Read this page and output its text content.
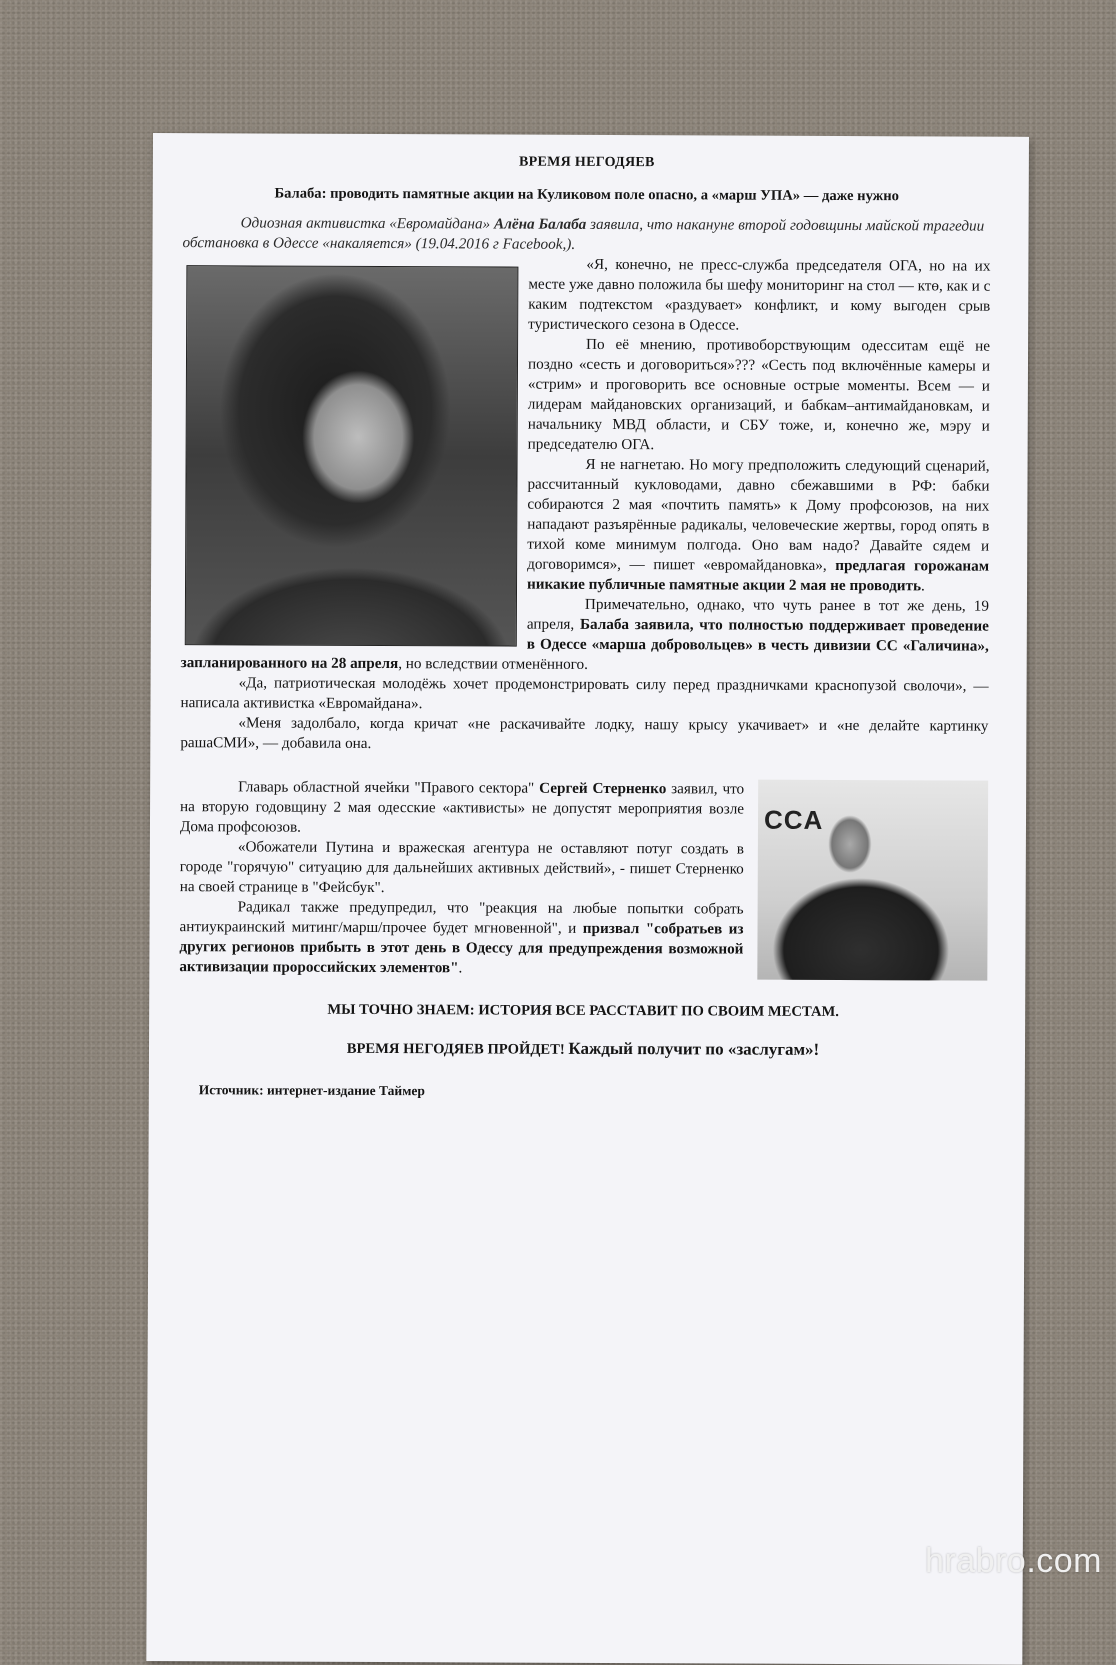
ВРЕМЯ НЕГОДЯЕВ
Балаба: проводить памятные акции на Куликовом поле опасно, а «марш УПА» — даже нужно

Одиозная активистка «Евромайдана» Алёна Балаба заявила, что накануне второй годовщины майской трагедии обстановка в Одессе «накаляется» (19.04.2016 г Facebook,).

«Я, конечно, не пресс-служба председателя ОГА, но на их месте уже давно положила бы шефу мониторинг на стол — ктө, как и с каким подтекстом «раздувает» конфликт, и кому выгоден срыв туристического сезона в Одессе.

По её мнению, противоборствующим одесситам ещё не поздно «сесть и договориться»??? «Сесть под включённые камеры и «стрим» и проговорить все основные острые моменты. Всем — и лидерам майдановских организаций, и бабкам–антимайдановкам, и начальнику МВД области, и СБУ тоже, и, конечно же, мэру и председателю ОГА.

Я не нагнетаю. Но могу предположить следующий сценарий, рассчитанный кукловодами, давно сбежавшими в РФ: бабки собираются 2 мая «почтить память» к Дому профсоюзов, на них нападают разъярённые радикалы, человеческие жертвы, город опять в тихой коме минимум полгода. Оно вам надо? Давайте сядем и договоримся», — пишет «евромайдановка», предлагая горожанам никакие публичные памятные акции 2 мая не проводить.

Примечательно, однако, что чуть ранее в тот же день, 19 апреля, Балаба заявила, что полностью поддерживает проведение в Одессе «марша добровольцев» в честь дивизии СС «Галичина», запланированного на 28 апреля, но вследствии отменённого.

«Да, патриотическая молодёжь хочет продемонстрировать силу перед праздничками краснопузой сволочи», — написала активистка «Евромайдана».

«Меня задолбало, когда кричат «не раскачивайте лодку, нашу крысу укачивает» и «не делайте картинку рашаСМИ», — добавила она.

CCA

Главарь областной ячейки "Правого сектора" Сергей Стерненко заявил, что на вторую годовщину 2 мая одесские «активисты» не допустят мероприятия возле Дома профсоюзов.

«Обожатели Путина и вражеская агентура не оставляют потуг создать в городе "горячую" ситуацию для дальнейших активных действий», - пишет Стерненко на своей странице в "Фейсбук".

Радикал также предупредил, что "реакция на любые попытки собрать антиукраинский митинг/марш/прочее будет мгновенной", и призвал "собратьев из других регионов прибыть в этот день в Одессу для предупреждения возможной активизации пророссийских элементов".

МЫ ТОЧНО ЗНАЕМ: ИСТОРИЯ ВСЕ РАССТАВИТ ПО СВОИМ МЕСТАМ.
ВРЕМЯ НЕГОДЯЕВ ПРОЙДЕТ! Каждый получит по «заслугам»!
Источник: интернет-издание Таймер
hrabro.com
